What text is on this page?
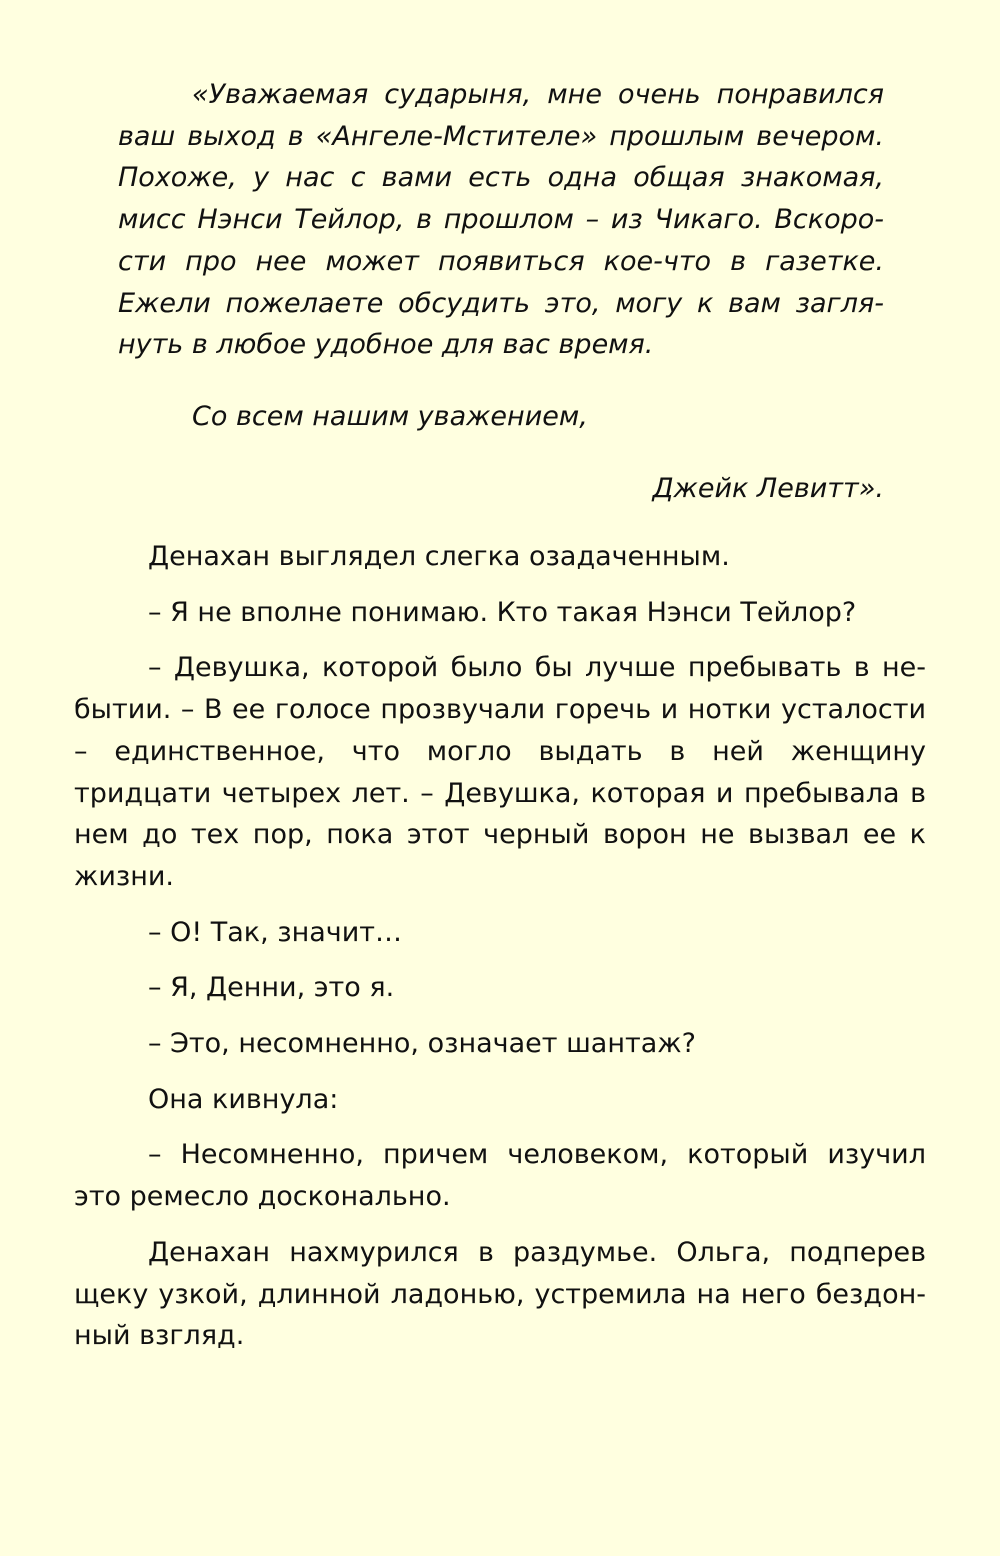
«Уважаемая сударыня, мне очень понравился ваш выход в «Ангеле-Мстителе» прошлым вечером. Похоже, у нас с вами есть одна общая знакомая, мисс Нэнси Тейлор, в прошлом – из Чикаго. Вскорости про нее может появиться кое-что в газетке. Ежели пожелаете обсудить это, могу к вам заглянуть в любое удобное для вас время.

Со всем нашим уважением,

Джейк Левитт».

Денахан выглядел слегка озадаченным.

– Я не вполне понимаю. Кто такая Нэнси Тейлор?

– Девушка, которой было бы лучше пребывать в небытии. – В ее голосе прозвучали горечь и нотки усталости – единственное, что могло выдать в ней женщину тридцати четырех лет. – Девушка, которая и пребывала в нем до тех пор, пока этот черный ворон не вызвал ее к жизни.

– О! Так, значит…

– Я, Денни, это я.

– Это, несомненно, означает шантаж?

Она кивнула:

– Несомненно, причем человеком, который изучил это ремесло досконально.

Денахан нахмурился в раздумье. Ольга, подперев щеку узкой, длинной ладонью, устремила на него бездонный взгляд.
